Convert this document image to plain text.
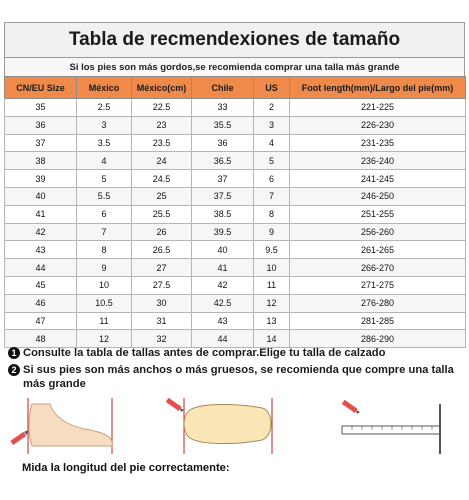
Tabla de recmendexiones de tamaño
Si los pies son más gordos,se recomienda comprar una talla más grande
CN/EU Size	México	México(cm)	Chile	US	Foot length(mm)/Largo del pie(mm)
35	2.5	22.5	33	2	221-225
36	3	23	35.5	3	226-230
37	3.5	23.5	36	4	231-235
38	4	24	36.5	5	236-240
39	5	24.5	37	6	241-245
40	5.5	25	37.5	7	246-250
41	6	25.5	38.5	8	251-255
42	7	26	39.5	9	256-260
43	8	26.5	40	9.5	261-265
44	9	27	41	10	266-270
45	10	27.5	42	11	271-275
46	10.5	30	42.5	12	276-280
47	11	31	43	13	281-285
48	12	32	44	14	286-290
1 Consulte la tabla de tallas antes de comprar.Elige tu talla de calzado
2 Si sus pies son más anchos o más gruesos, se recomienda que compre una talla más grande
Mida la longitud del pie correctamente:
